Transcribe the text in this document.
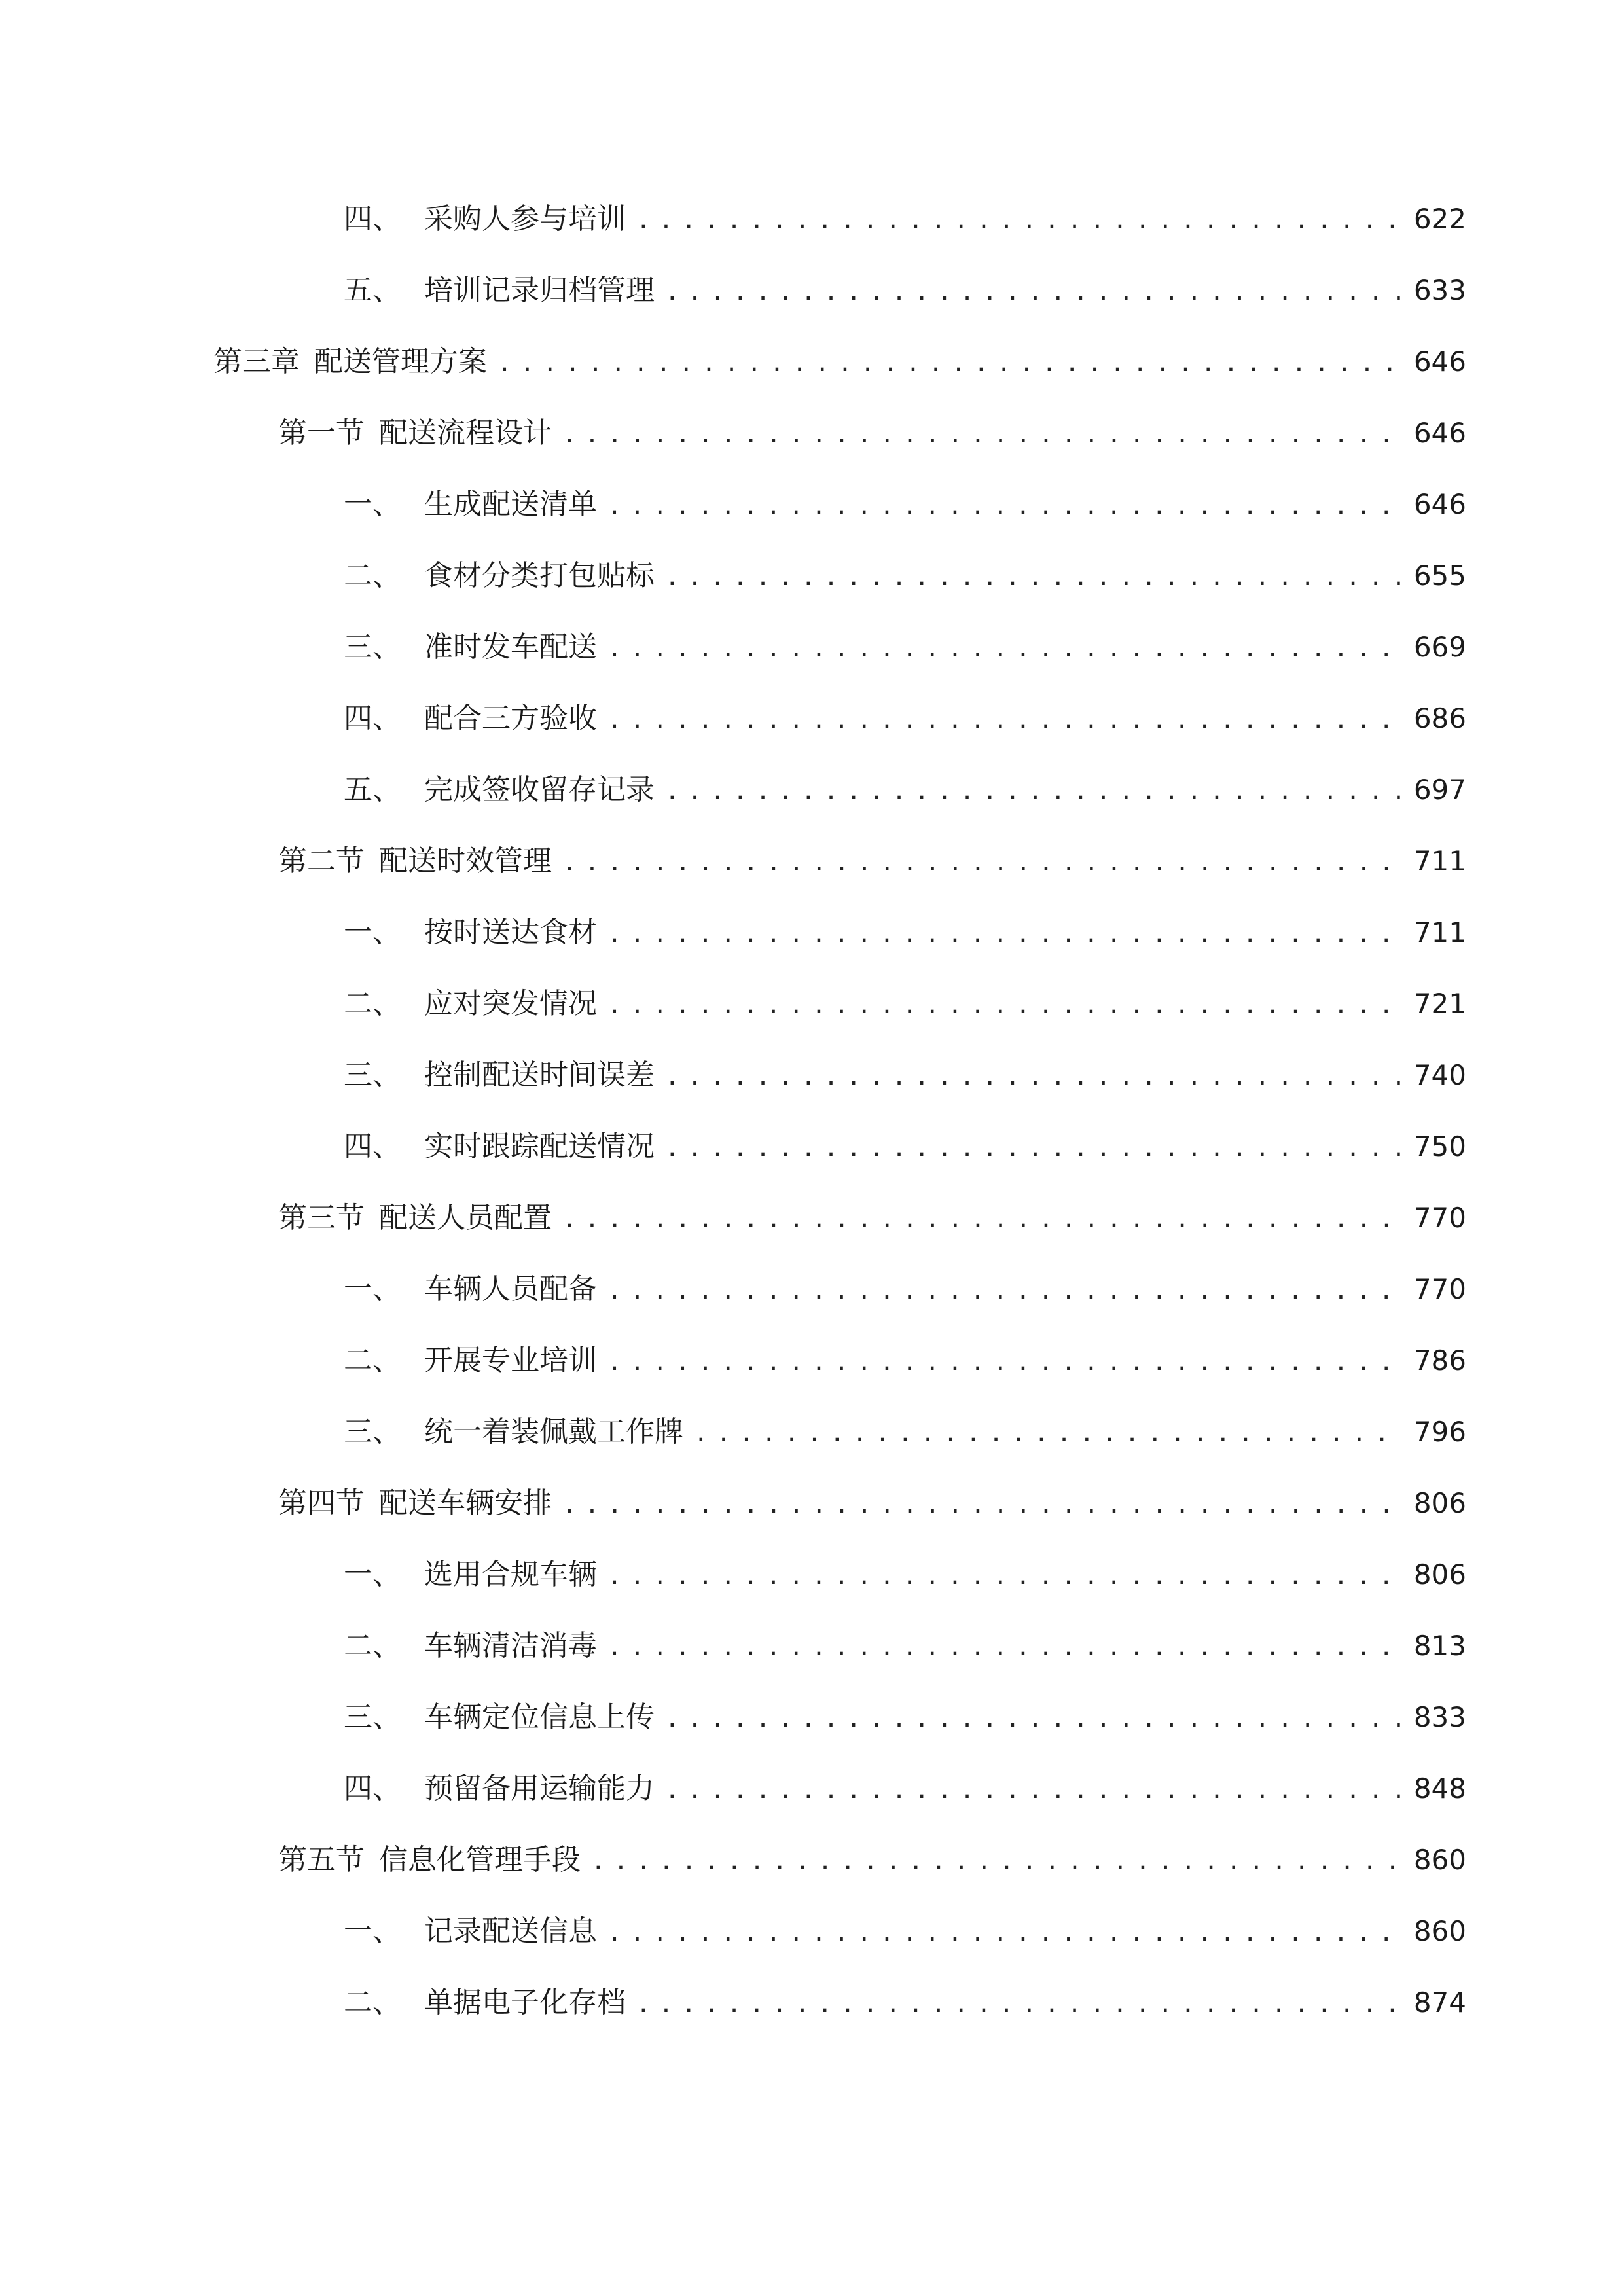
四、 采购人参与培训 .....	622
五、 培训记录归档管理 .....	633
第三章 配送管理方案 .....	646
第一节 配送流程设计 .....	646
一、 生成配送清单 .....	646
二、 食材分类打包贴标 .....	655
三、 准时发车配送 .....	669
四、 配合三方验收 .....	686
五、 完成签收留存记录 .....	697
第二节 配送时效管理 .....	711
一、 按时送达食材 .....	711
二、 应对突发情况 .....	721
三、 控制配送时间误差 .....	740
四、 实时跟踪配送情况 .....	750
第三节 配送人员配置 .....	770
一、 车辆人员配备 .....	770
二、 开展专业培训 .....	786
三、 统一着装佩戴工作牌 .....	796
第四节 配送车辆安排 .....	806
一、 选用合规车辆 .....	806
二、 车辆清洁消毒 .....	813
三、 车辆定位信息上传 .....	833
四、 预留备用运输能力 .....	848
第五节 信息化管理手段 .....	860
一、 记录配送信息 .....	860
二、 单据电子化存档 .....	874
